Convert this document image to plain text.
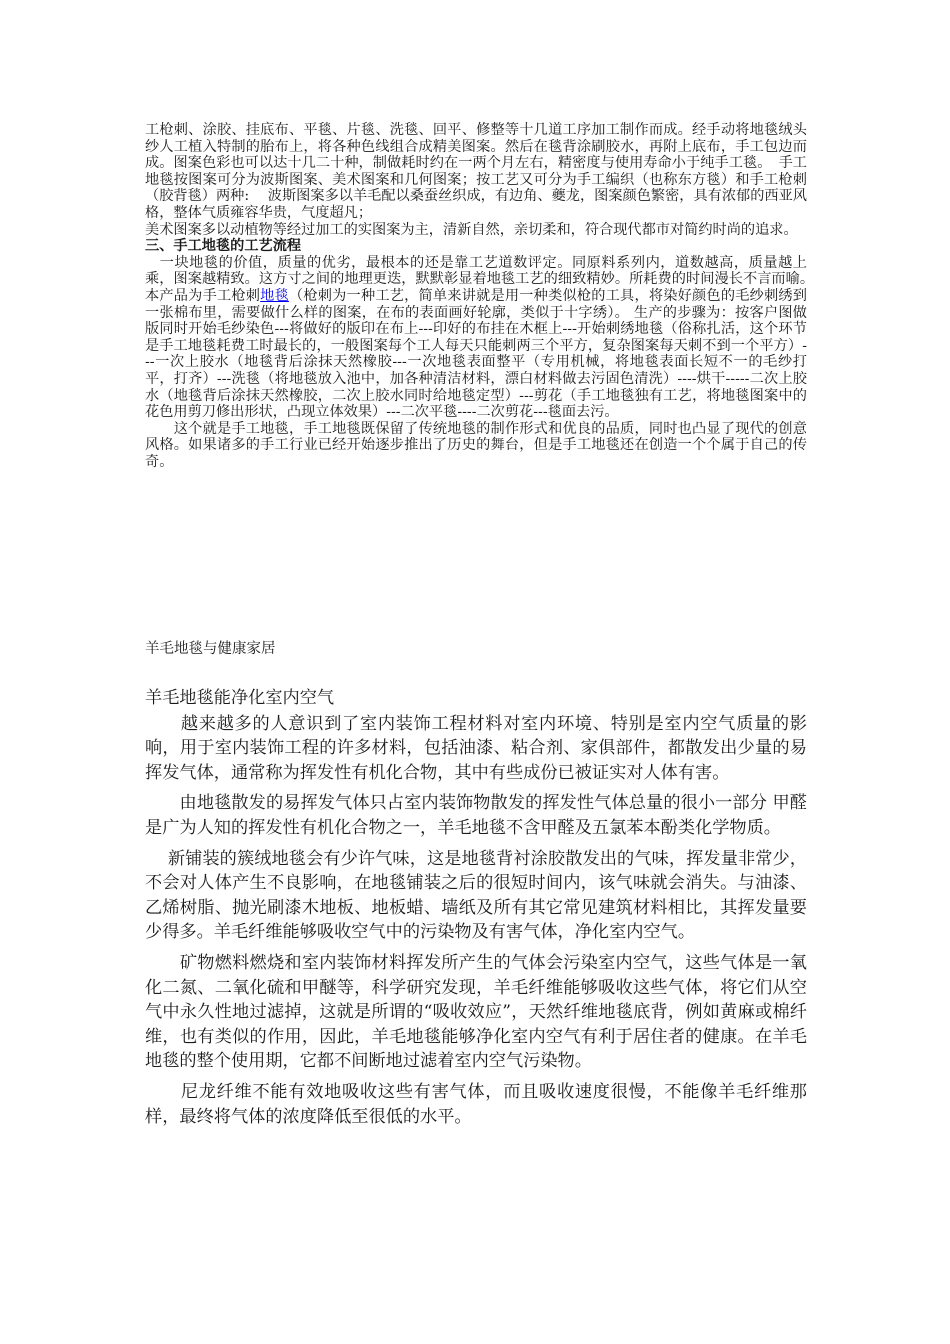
工枪刺、涂胶、挂底布、平毯、片毯、洗毯、回平、修整等十几道工序加工制作而成。经手动将地毯绒头纱人工植入特制的胎布上，将各种色线组合成精美图案。然后在毯背涂刷胶水，再附上底布，手工包边而成。图案色彩也可以达十几二十种，制做耗时约在一两个月左右，精密度与使用寿命小于纯手工毯。　手工地毯按图案可分为波斯图案、美术图案和几何图案；按工艺又可分为手工编织（也称东方毯）和手工枪刺（胶背毯）两种:　 波斯图案多以羊毛配以桑蚕丝织成，有边角、夔龙，图案颜色繁密，具有浓郁的西亚风格，整体气质雍容华贵，气度超凡；

美术图案多以动植物等经过加工的实图案为主，清新自然，亲切柔和，符合现代都市对简约时尚的追求。

三、手工地毯的工艺流程

　一块地毯的价值，质量的优劣，最根本的还是靠工艺道数评定。同原料系列内，道数越高，质量越上乘，图案越精致。这方寸之间的地理更迭，默默彰显着地毯工艺的细致精妙。所耗费的时间漫长不言而喻。　本产品为手工枪刺地毯（枪刺为一种工艺，简单来讲就是用一种类似枪的工具，将染好颜色的毛纱刺绣到一张棉布里，需要做什么样的图案，在布的表面画好轮廓，类似于十字绣）。 生产的步骤为：按客户图做版同时开始毛纱染色---将做好的版印在布上---印好的布挂在木框上---开始刺绣地毯（俗称扎活，这个环节是手工地毯耗费工时最长的，一般图案每个工人每天只能刺两三个平方，复杂图案每天刺不到一个平方）---一次上胶水（地毯背后涂抹天然橡胶---一次地毯表面整平（专用机械，将地毯表面长短不一的毛纱打平，打齐）---洗毯（将地毯放入池中，加各种清洁材料，漂白材料做去污固色清洗）----烘干-----二次上胶水（地毯背后涂抹天然橡胶，二次上胶水同时给地毯定型）---剪花（手工地毯独有工艺，将地毯图案中的花色用剪刀修出形状，凸现立体效果）---二次平毯----二次剪花---毯面去污。

　　这个就是手工地毯，手工地毯既保留了传统地毯的制作形式和优良的品质，同时也凸显了现代的创意风格。如果诸多的手工行业已经开始逐步推出了历史的舞台，但是手工地毯还在创造一个个属于自己的传奇。

羊毛地毯与健康家居

羊毛地毯能净化室内空气

　　越来越多的人意识到了室内装饰工程材料对室内环境、特别是室内空气质量的影响，用于室内装饰工程的许多材料，包括油漆、粘合剂、家俱部件，都散发出少量的易挥发气体，通常称为挥发性有机化合物，其中有些成份已被证实对人体有害。

　　由地毯散发的易挥发气体只占室内装饰物散发的挥发性气体总量的很小一部分 甲醛是广为人知的挥发性有机化合物之一，羊毛地毯不含甲醛及五氯苯本酚类化学物质。

　 新铺装的簇绒地毯会有少许气味，这是地毯背衬涂胶散发出的气味，挥发量非常少，不会对人体产生不良影响，在地毯铺装之后的很短时间内，该气味就会消失。与油漆、乙烯树脂、抛光刷漆木地板、地板蜡、墙纸及所有其它常见建筑材料相比，其挥发量要少得多。羊毛纤维能够吸收空气中的污染物及有害气体，净化室内空气。

　　矿物燃料燃烧和室内装饰材料挥发所产生的气体会污染室内空气，这些气体是一氧化二氮、二氧化硫和甲醚等，科学研究发现，羊毛纤维能够吸收这些气体，将它们从空气中永久性地过滤掉，这就是所谓的“吸收效应”，天然纤维地毯底背，例如黄麻或棉纤维，也有类似的作用，因此，羊毛地毯能够净化室内空气有利于居住者的健康。在羊毛地毯的整个使用期，它都不间断地过滤着室内空气污染物。

　　尼龙纤维不能有效地吸收这些有害气体，而且吸收速度很慢，不能像羊毛纤维那样，最终将气体的浓度降低至很低的水平。
